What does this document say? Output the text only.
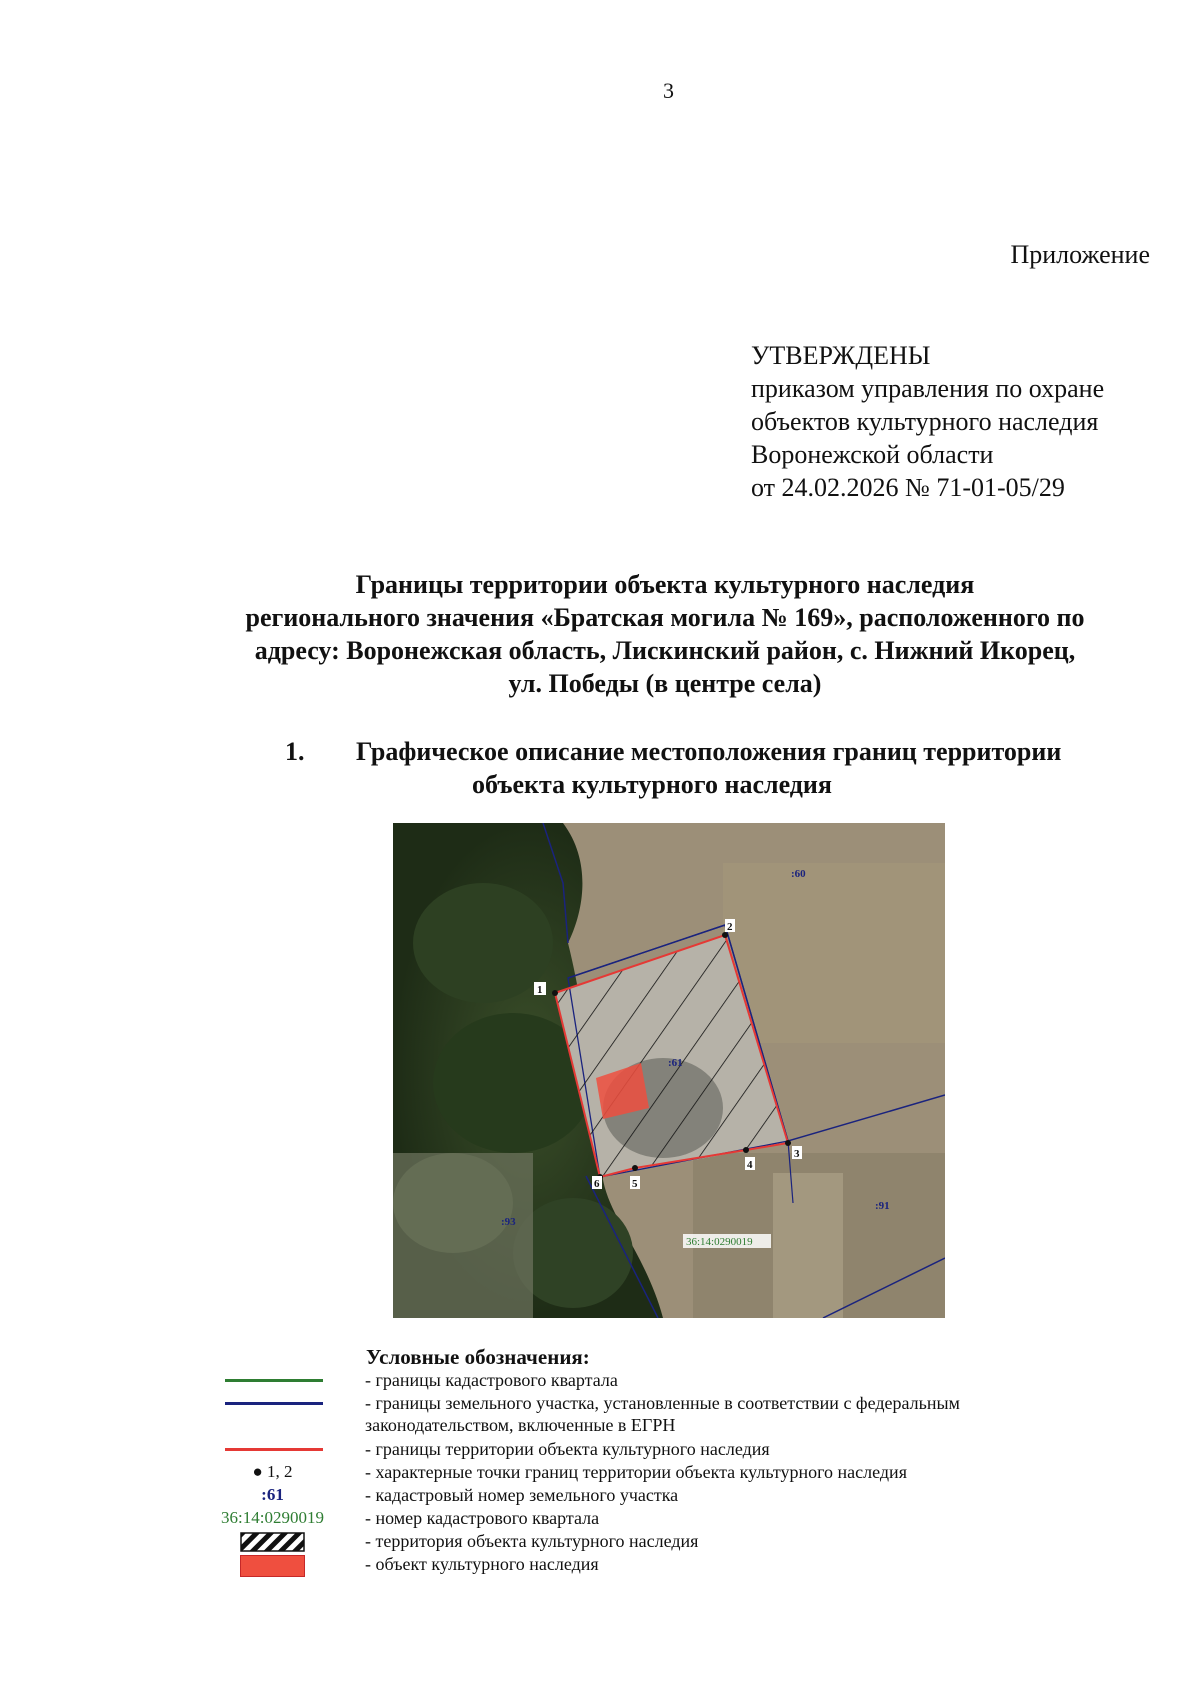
3
Приложение
УТВЕРЖДЕНЫ
приказом управления по охране
объектов культурного наследия
Воронежской области
от 24.02.2026 № 71-01-05/29
Границы территории объекта культурного наследия
регионального значения «Братская могила № 169», расположенного по
адресу: Воронежская область, Лискинский район, с. Нижний Икорец,
ул. Победы (в центре села)
1. Графическое описание местоположения границ территории
объекта культурного наследия
1
2
3
4
5
6
:60
:61
:91
:93
36:14:0290019
Условные обозначения:
- границы кадастрового квартала
- границы земельного участка, установленные в соответствии с федеральным
законодательством, включенные в ЕГРН
- границы территории объекта культурного наследия
● 1, 2	- характерные точки границ территории объекта культурного наследия
:61	- кадастровый номер земельного участка
36:14:0290019	- номер кадастрового квартала
- территория объекта культурного наследия
- объект культурного наследия
